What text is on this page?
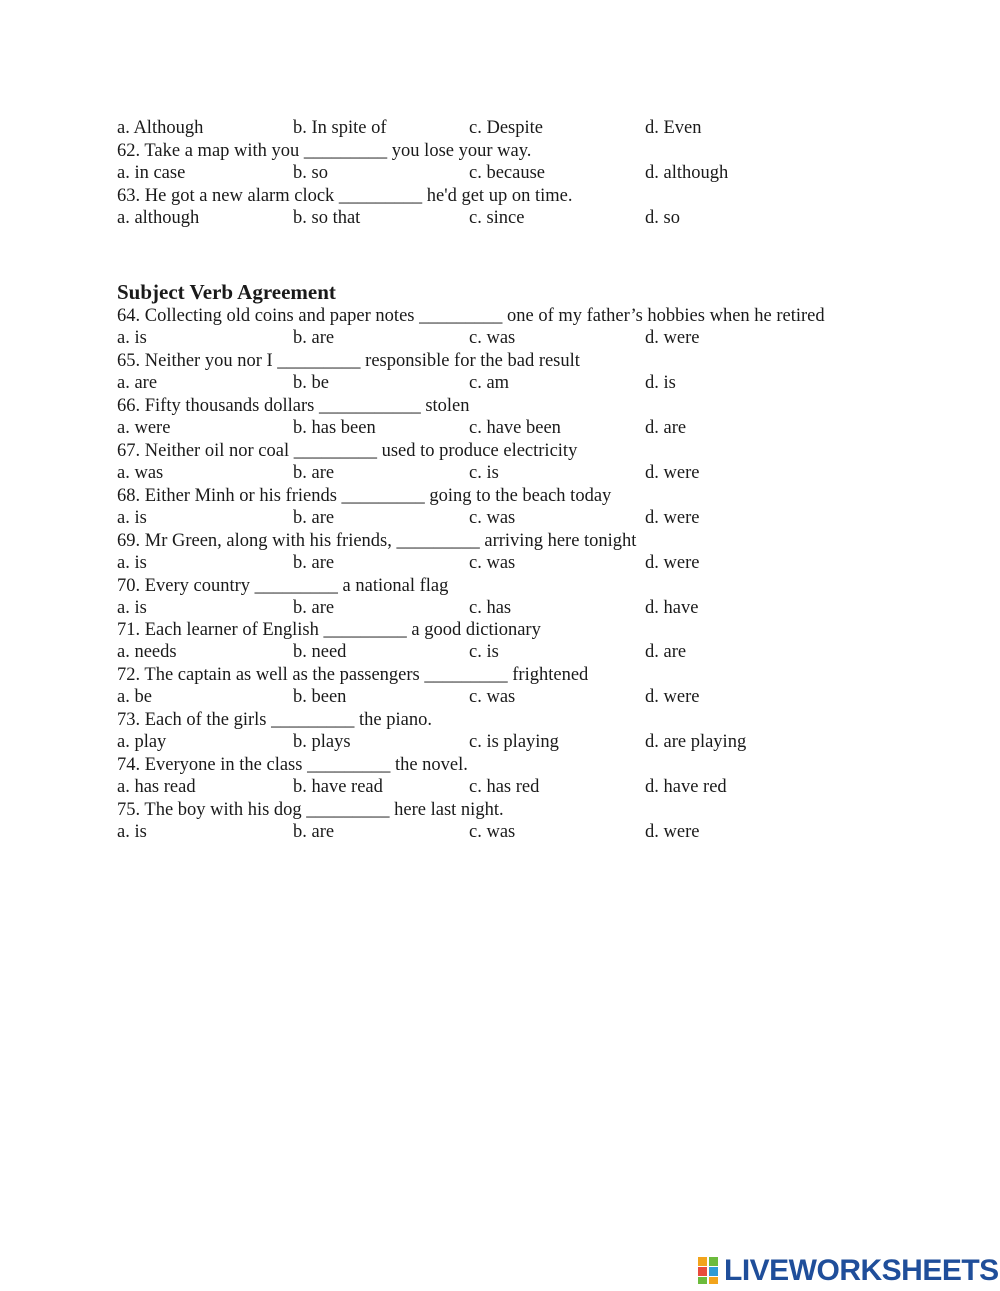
a. Although	b. In spite of	c. Despite	d. Even
62. Take a map with you _________ you lose your way.
a. in case	b. so	c. because	d. although
63. He got a new alarm clock _________ he'd get up on time.
a. although	b. so that	c. since	d. so
Subject Verb Agreement
64. Collecting old coins and paper notes _________ one of my father’s hobbies when he retired
a. is	b. are	c. was	d. were
65. Neither you nor I _________ responsible for the bad result
a. are	b. be	c. am	d. is
66. Fifty thousands dollars ___________ stolen
a. were	b. has been	c. have been	d. are
67. Neither oil nor coal _________ used to produce electricity
a. was	b. are	c. is	d. were
68. Either Minh or his friends _________ going to the beach today
a. is	b. are	c. was	d. were
69. Mr Green, along with his friends, _________ arriving here tonight
a. is	b. are	c. was	d. were
70. Every country _________ a national flag
a. is	b. are	c. has	d. have
71. Each learner of English _________ a good dictionary
a. needs	b. need	c. is	d. are
72. The captain as well as the passengers _________ frightened
a. be	b. been	c. was	d. were
73. Each of the girls _________ the piano.
a. play	b. plays	c. is playing	d. are playing
74. Everyone in the class _________ the novel.
a. has read	b. have read	c. has red	d. have red
75. The boy with his dog _________ here last night.
a. is	b. are	c. was	d. were
LIVEWORKSHEETS
